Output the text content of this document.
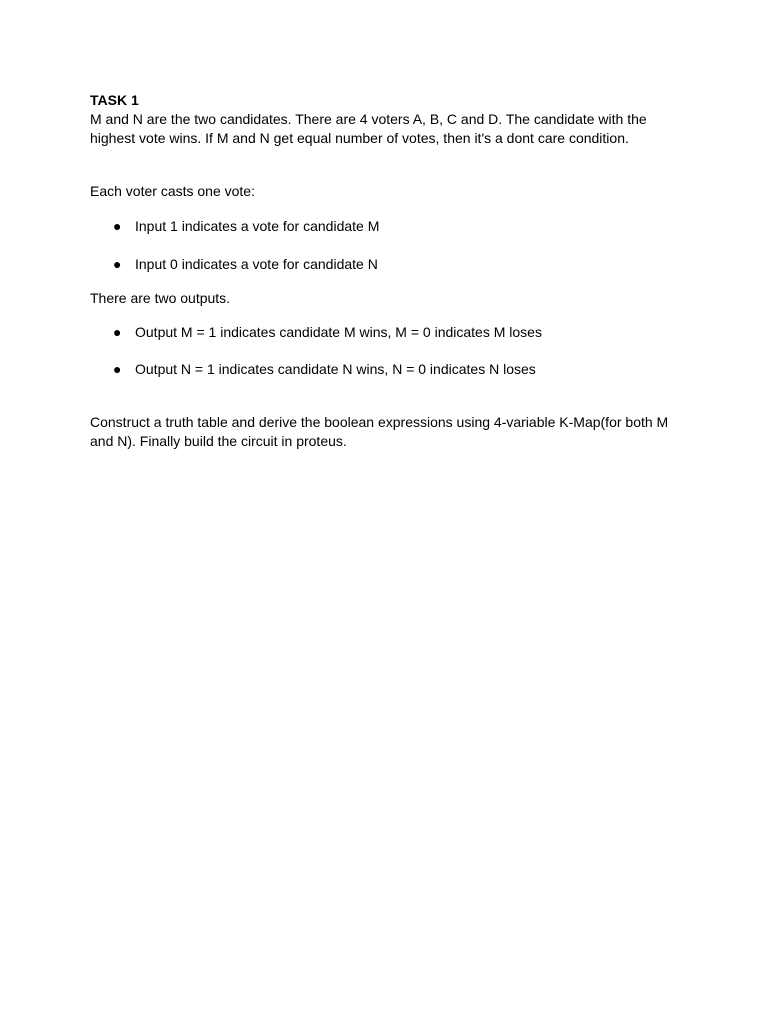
TASK 1

M and N are the two candidates. There are 4 voters A, B, C and D. The candidate with the

highest vote wins. If M and N get equal number of votes, then it's a dont care condition.

Each voter casts one vote:

● Input 1 indicates a vote for candidate M
● Input 0 indicates a vote for candidate N

There are two outputs.

● Output M = 1 indicates candidate M wins, M = 0 indicates M loses
● Output N = 1 indicates candidate N wins, N = 0 indicates N loses

Construct a truth table and derive the boolean expressions using 4-variable K-Map(for both M

and N). Finally build the circuit in proteus.
